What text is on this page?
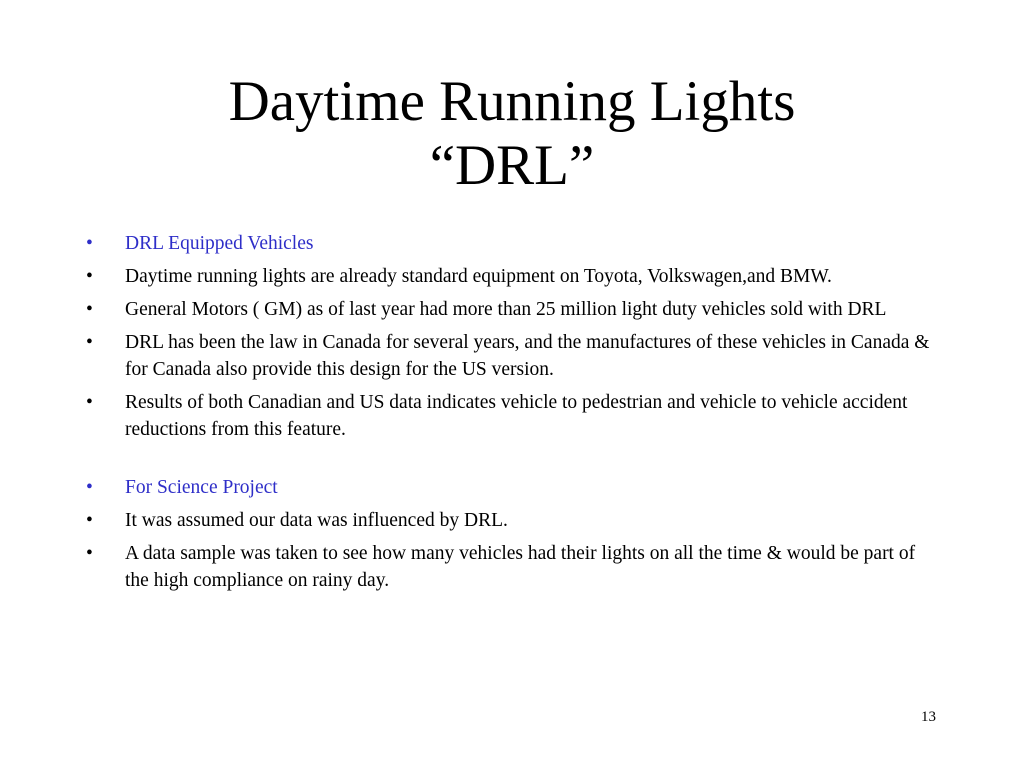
Daytime Running Lights
“DRL”
• DRL Equipped Vehicles
• Daytime running lights are already standard equipment on Toyota, Volkswagen,and BMW.
• General Motors ( GM) as of last year had more than 25 million light duty vehicles sold with DRL
• DRL has been the law in Canada for several years, and the manufactures of these vehicles in Canada & for Canada also provide this design for the US version.
• Results of both Canadian and US data indicates vehicle to pedestrian and vehicle to vehicle accident reductions from this feature.
• For Science Project
• It was assumed our data was influenced by DRL.
• A data sample was taken to see how many vehicles had their lights on all the time & would be part of the high compliance on rainy day.
13
